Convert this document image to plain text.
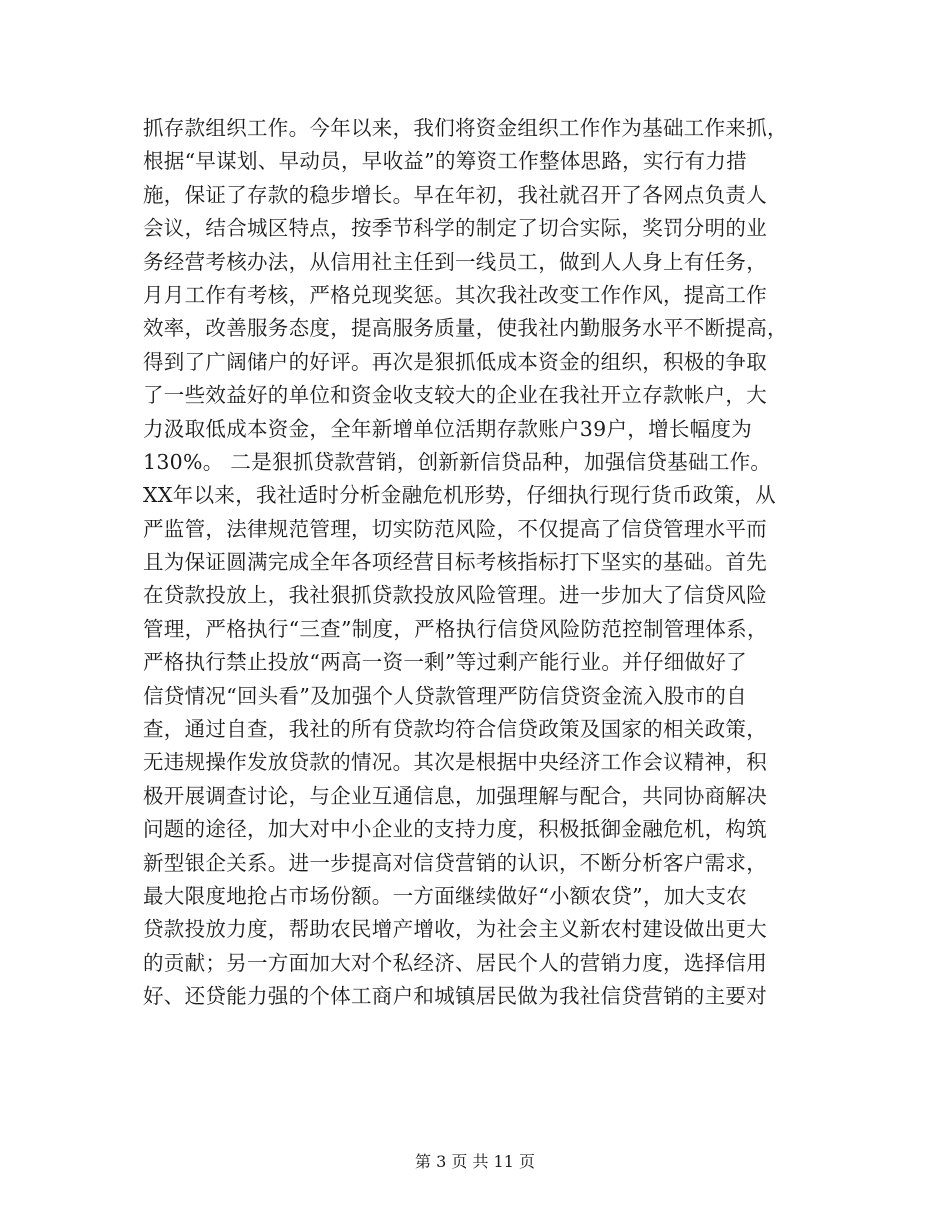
抓存款组织工作。今年以来，我们将资金组织工作作为基础工作来抓，
根据“早谋划、早动员，早收益”的筹资工作整体思路，实行有力措
施，保证了存款的稳步增长。早在年初，我社就召开了各网点负责人
会议，结合城区特点，按季节科学的制定了切合实际，奖罚分明的业
务经营考核办法，从信用社主任到一线员工，做到人人身上有任务，
月月工作有考核，严格兑现奖惩。其次我社改变工作作风，提高工作
效率，改善服务态度，提高服务质量，使我社内勤服务水平不断提高，
得到了广阔储户的好评。再次是狠抓低成本资金的组织，积极的争取
了一些效益好的单位和资金收支较大的企业在我社开立存款帐户，大
力汲取低成本资金，全年新增单位活期存款账户39户，增长幅度为
130%。 二是狠抓贷款营销，创新新信贷品种，加强信贷基础工作。
XX年以来，我社适时分析金融危机形势，仔细执行现行货币政策，从
严监管，法律规范管理，切实防范风险，不仅提高了信贷管理水平而
且为保证圆满完成全年各项经营目标考核指标打下坚实的基础。首先
在贷款投放上，我社狠抓贷款投放风险管理。进一步加大了信贷风险
管理，严格执行“三查”制度，严格执行信贷风险防范控制管理体系，
严格执行禁止投放“两高一资一剩”等过剩产能行业。并仔细做好了
信贷情况“回头看”及加强个人贷款管理严防信贷资金流入股市的自
查，通过自查，我社的所有贷款均符合信贷政策及国家的相关政策，
无违规操作发放贷款的情况。其次是根据中央经济工作会议精神，积
极开展调查讨论，与企业互通信息，加强理解与配合，共同协商解决
问题的途径，加大对中小企业的支持力度，积极抵御金融危机，构筑
新型银企关系。进一步提高对信贷营销的认识，不断分析客户需求，
最大限度地抢占市场份额。一方面继续做好“小额农贷”，加大支农
贷款投放力度，帮助农民增产增收，为社会主义新农村建设做出更大
的贡献；另一方面加大对个私经济、居民个人的营销力度，选择信用
好、还贷能力强的个体工商户和城镇居民做为我社信贷营销的主要对
第 3 页 共 11 页
